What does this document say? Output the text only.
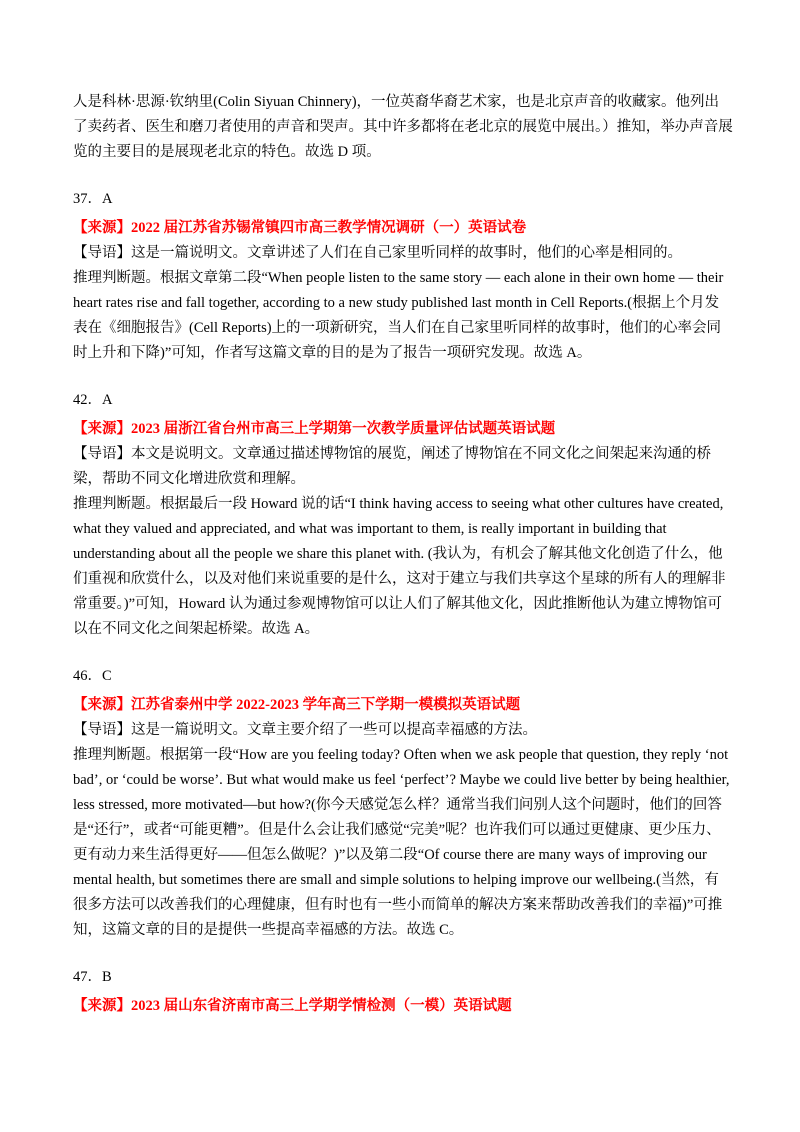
人是科林·思源·钦纳里(Colin Siyuan Chinnery)，一位英裔华裔艺术家，也是北京声音的收藏家。他列出了卖药者、医生和磨刀者使用的声音和哭声。其中许多都将在老北京的展览中展出。）推知，举办声音展览的主要目的是展现老北京的特色。故选 D 项。

37．A

【来源】2022 届江苏省苏锡常镇四市高三教学情况调研（一）英语试卷

【导语】这是一篇说明文。文章讲述了人们在自己家里听同样的故事时，他们的心率是相同的。

推理判断题。根据文章第二段“When people listen to the same story — each alone in their own home — their heart rates rise and fall together, according to a new study published last month in Cell Reports.(根据上个月发表在《细胞报告》(Cell Reports)上的一项新研究，当人们在自己家里听同样的故事时，他们的心率会同时上升和下降)”可知，作者写这篇文章的目的是为了报告一项研究发现。故选 A。

42．A

【来源】2023 届浙江省台州市高三上学期第一次教学质量评估试题英语试题

【导语】本文是说明文。文章通过描述博物馆的展览，阐述了博物馆在不同文化之间架起来沟通的桥梁，帮助不同文化增进欣赏和理解。

推理判断题。根据最后一段 Howard 说的话“I think having access to seeing what other cultures have created, what they valued and appreciated, and what was important to them, is really important in building that understanding about all the people we share this planet with. (我认为，有机会了解其他文化创造了什么，他们重视和欣赏什么，以及对他们来说重要的是什么，这对于建立与我们共享这个星球的所有人的理解非常重要。)”可知，Howard 认为通过参观博物馆可以让人们了解其他文化，因此推断他认为建立博物馆可以在不同文化之间架起桥梁。故选 A。

46．C

【来源】江苏省泰州中学 2022-2023 学年高三下学期一模模拟英语试题

【导语】这是一篇说明文。文章主要介绍了一些可以提高幸福感的方法。

推理判断题。根据第一段“How are you feeling today? Often when we ask people that question, they reply ‘not bad’, or ‘could be worse’. But what would make us feel ‘perfect’? Maybe we could live better by being healthier, less stressed, more motivated—but how?(你今天感觉怎么样？通常当我们问别人这个问题时，他们的回答是“还行”，或者“可能更糟”。但是什么会让我们感觉“完美”呢？也许我们可以通过更健康、更少压力、更有动力来生活得更好——但怎么做呢？)”以及第二段“Of course there are many ways of improving our mental health, but sometimes there are small and simple solutions to helping improve our wellbeing.(当然，有很多方法可以改善我们的心理健康，但有时也有一些小而简单的解决方案来帮助改善我们的幸福)”可推知，这篇文章的目的是提供一些提高幸福感的方法。故选 C。

47．B

【来源】2023 届山东省济南市高三上学期学情检测（一模）英语试题
